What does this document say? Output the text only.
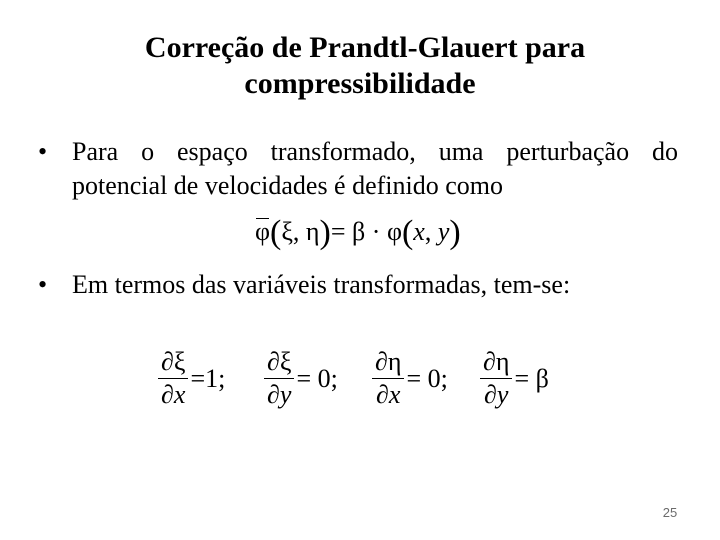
Correção de Prandtl-Glauert para
compressibilidade
• Para o espaço transformado, uma perturbação do potencial de velocidades é definido como
φ(ξ, η)= β · φ(x, y)
• Em termos das variáveis transformadas, tem-se:
$\frac{\partial\xi}{\partial x} =1$; $\frac{\partial\xi}{\partial y} = 0$; $\frac{\partial\eta}{\partial x} = 0$; $\frac{\partial\eta}{\partial y} = \beta$
25
